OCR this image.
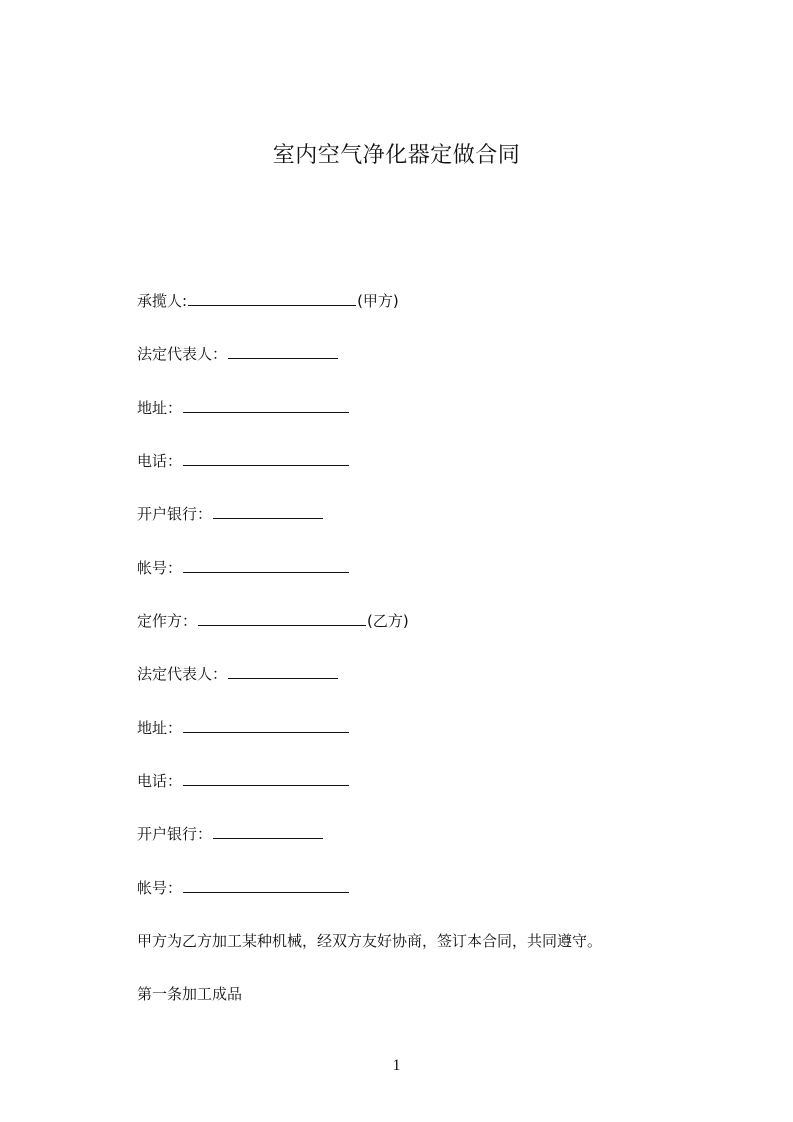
室内空气净化器定做合同
承揽人:	(甲方)
法定代表人：
地址：
电话：
开户银行：
帐号：
定作方：	(乙方)
法定代表人：
地址：
电话：
开户银行：
帐号：
甲方为乙方加工某种机械，经双方友好协商，签订本合同，共同遵守。
第一条加工成品
1
